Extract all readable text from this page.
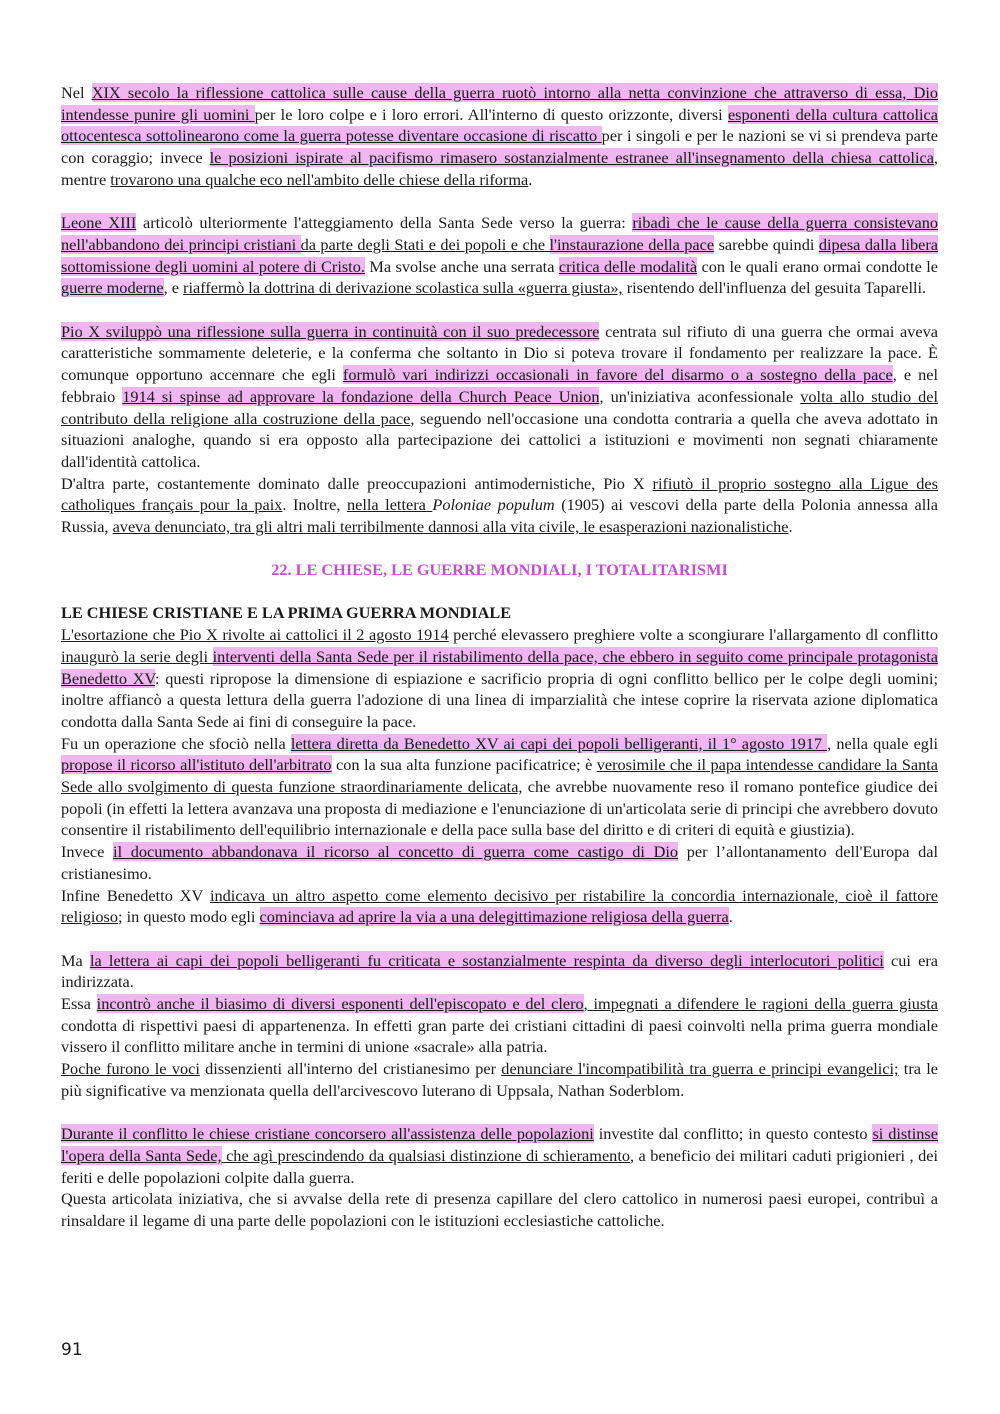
Nel XIX secolo la riflessione cattolica sulle cause della guerra ruotò intorno alla netta convinzione che attraverso di essa, Dio intendesse punire gli uomini per le loro colpe e i loro errori. All'interno di questo orizzonte, diversi esponenti della cultura cattolica ottocentesca sottolinearono come la guerra potesse diventare occasione di riscatto per i singoli e per le nazioni se vi si prendeva parte con coraggio; invece le posizioni ispirate al pacifismo rimasero sostanzialmente estranee all'insegnamento della chiesa cattolica, mentre trovarono una qualche eco nell'ambito delle chiese della riforma.

Leone XIII articolò ulteriormente l'atteggiamento della Santa Sede verso la guerra: ribadì che le cause della guerra consistevano nell'abbandono dei principi cristiani da parte degli Stati e dei popoli e che l'instaurazione della pace sarebbe quindi dipesa dalla libera sottomissione degli uomini al potere di Cristo. Ma svolse anche una serrata critica delle modalità con le quali erano ormai condotte le guerre moderne, e riaffermò la dottrina di derivazione scolastica sulla «guerra giusta», risentendo dell'influenza del gesuita Taparelli.

Pio X sviluppò una riflessione sulla guerra in continuità con il suo predecessore centrata sul rifiuto di una guerra che ormai aveva caratteristiche sommamente deleterie, e la conferma che soltanto in Dio si poteva trovare il fondamento per realizzare la pace. È comunque opportuno accennare che egli formulò vari indirizzi occasionali in favore del disarmo o a sostegno della pace, e nel febbraio 1914 si spinse ad approvare la fondazione della Church Peace Union, un'iniziativa aconfessionale volta allo studio del contributo della religione alla costruzione della pace, seguendo nell'occasione una condotta contraria a quella che aveva adottato in situazioni analoghe, quando si era opposto alla partecipazione dei cattolici a istituzioni e movimenti non segnati chiaramente dall'identità cattolica.

D'altra parte, costantemente dominato dalle preoccupazioni antimodernistiche, Pio X rifiutò il proprio sostegno alla Ligue des catholiques français pour la paix. Inoltre, nella lettera Poloniae populum (1905) ai vescovi della parte della Polonia annessa alla Russia, aveva denunciato, tra gli altri mali terribilmente dannosi alla vita civile, le esasperazioni nazionalistiche.

22. LE CHIESE, LE GUERRE MONDIALI, I TOTALITARISMI

LE CHIESE CRISTIANE E LA PRIMA GUERRA MONDIALE

L'esortazione che Pio X rivolte ai cattolici il 2 agosto 1914 perché elevassero preghiere volte a scongiurare l'allargamento dl conflitto inaugurò la serie degli interventi della Santa Sede per il ristabilimento della pace, che ebbero in seguito come principale protagonista Benedetto XV: questi ripropose la dimensione di espiazione e sacrificio propria di ogni conflitto bellico per le colpe degli uomini; inoltre affiancò a questa lettura della guerra l'adozione di una linea di imparzialità che intese coprire la riservata azione diplomatica condotta dalla Santa Sede ai fini di conseguire la pace.

Fu un operazione che sfociò nella lettera diretta da Benedetto XV ai capi dei popoli belligeranti, il 1° agosto 1917 , nella quale egli propose il ricorso all'istituto dell'arbitrato con la sua alta funzione pacificatrice; è verosimile che il papa intendesse candidare la Santa Sede allo svolgimento di questa funzione straordinariamente delicata, che avrebbe nuovamente reso il romano pontefice giudice dei popoli (in effetti la lettera avanzava una proposta di mediazione e l'enunciazione di un'articolata serie di principi che avrebbero dovuto consentire il ristabilimento dell'equilibrio internazionale e della pace sulla base del diritto e di criteri di equità e giustizia).

Invece il documento abbandonava il ricorso al concetto di guerra come castigo di Dio per l’allontanamento dell'Europa dal cristianesimo.

Infine Benedetto XV indicava un altro aspetto come elemento decisivo per ristabilire la concordia internazionale, cioè il fattore religioso; in questo modo egli cominciava ad aprire la via a una delegittimazione religiosa della guerra.

Ma la lettera ai capi dei popoli belligeranti fu criticata e sostanzialmente respinta da diverso degli interlocutori politici cui era indirizzata.

Essa incontrò anche il biasimo di diversi esponenti dell'episcopato e del clero, impegnati a difendere le ragioni della guerra giusta condotta di rispettivi paesi di appartenenza. In effetti gran parte dei cristiani cittadini di paesi coinvolti nella prima guerra mondiale vissero il conflitto militare anche in termini di unione «sacrale» alla patria.

Poche furono le voci dissenzienti all'interno del cristianesimo per denunciare l'incompatibilità tra guerra e principi evangelici; tra le più significative va menzionata quella dell'arcivescovo luterano di Uppsala, Nathan Soderblom.

Durante il conflitto le chiese cristiane concorsero all'assistenza delle popolazioni investite dal conflitto; in questo contesto si distinse l'opera della Santa Sede, che agì prescindendo da qualsiasi distinzione di schieramento, a beneficio dei militari caduti prigionieri , dei feriti e delle popolazioni colpite dalla guerra.

Questa articolata iniziativa, che si avvalse della rete di presenza capillare del clero cattolico in numerosi paesi europei, contribuì a rinsaldare il legame di una parte delle popolazioni con le istituzioni ecclesiastiche cattoliche.

91
